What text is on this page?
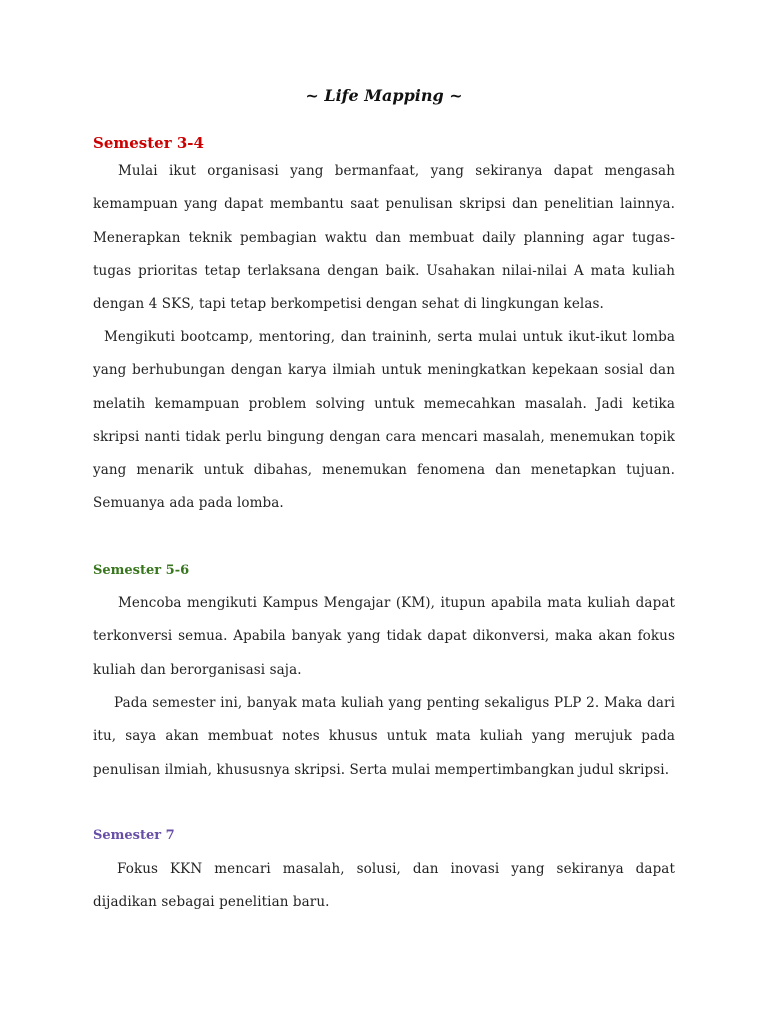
~ Life Mapping ~
Semester 3-4

Mulai ikut organisasi yang bermanfaat, yang sekiranya dapat mengasah kemampuan yang dapat membantu saat penulisan skripsi dan penelitian lainnya. Menerapkan teknik pembagian waktu dan membuat daily planning agar tugas-tugas prioritas tetap terlaksana dengan baik. Usahakan nilai-nilai A mata kuliah dengan 4 SKS, tapi tetap berkompetisi dengan sehat di lingkungan kelas.

Mengikuti bootcamp, mentoring, dan traininh, serta mulai untuk ikut-ikut lomba yang berhubungan dengan karya ilmiah untuk meningkatkan kepekaan sosial dan melatih kemampuan problem solving untuk memecahkan masalah. Jadi ketika skripsi nanti tidak perlu bingung dengan cara mencari masalah, menemukan topik yang menarik untuk dibahas, menemukan fenomena dan menetapkan tujuan. Semuanya ada pada lomba.

Semester 5-6

Mencoba mengikuti Kampus Mengajar (KM), itupun apabila mata kuliah dapat terkonversi semua. Apabila banyak yang tidak dapat dikonversi, maka akan fokus kuliah dan berorganisasi saja.

Pada semester ini, banyak mata kuliah yang penting sekaligus PLP 2. Maka dari itu, saya akan membuat notes khusus untuk mata kuliah yang merujuk pada penulisan ilmiah, khususnya skripsi. Serta mulai mempertimbangkan judul skripsi.

Semester 7

Fokus KKN mencari masalah, solusi, dan inovasi yang sekiranya dapat dijadikan sebagai penelitian baru.
